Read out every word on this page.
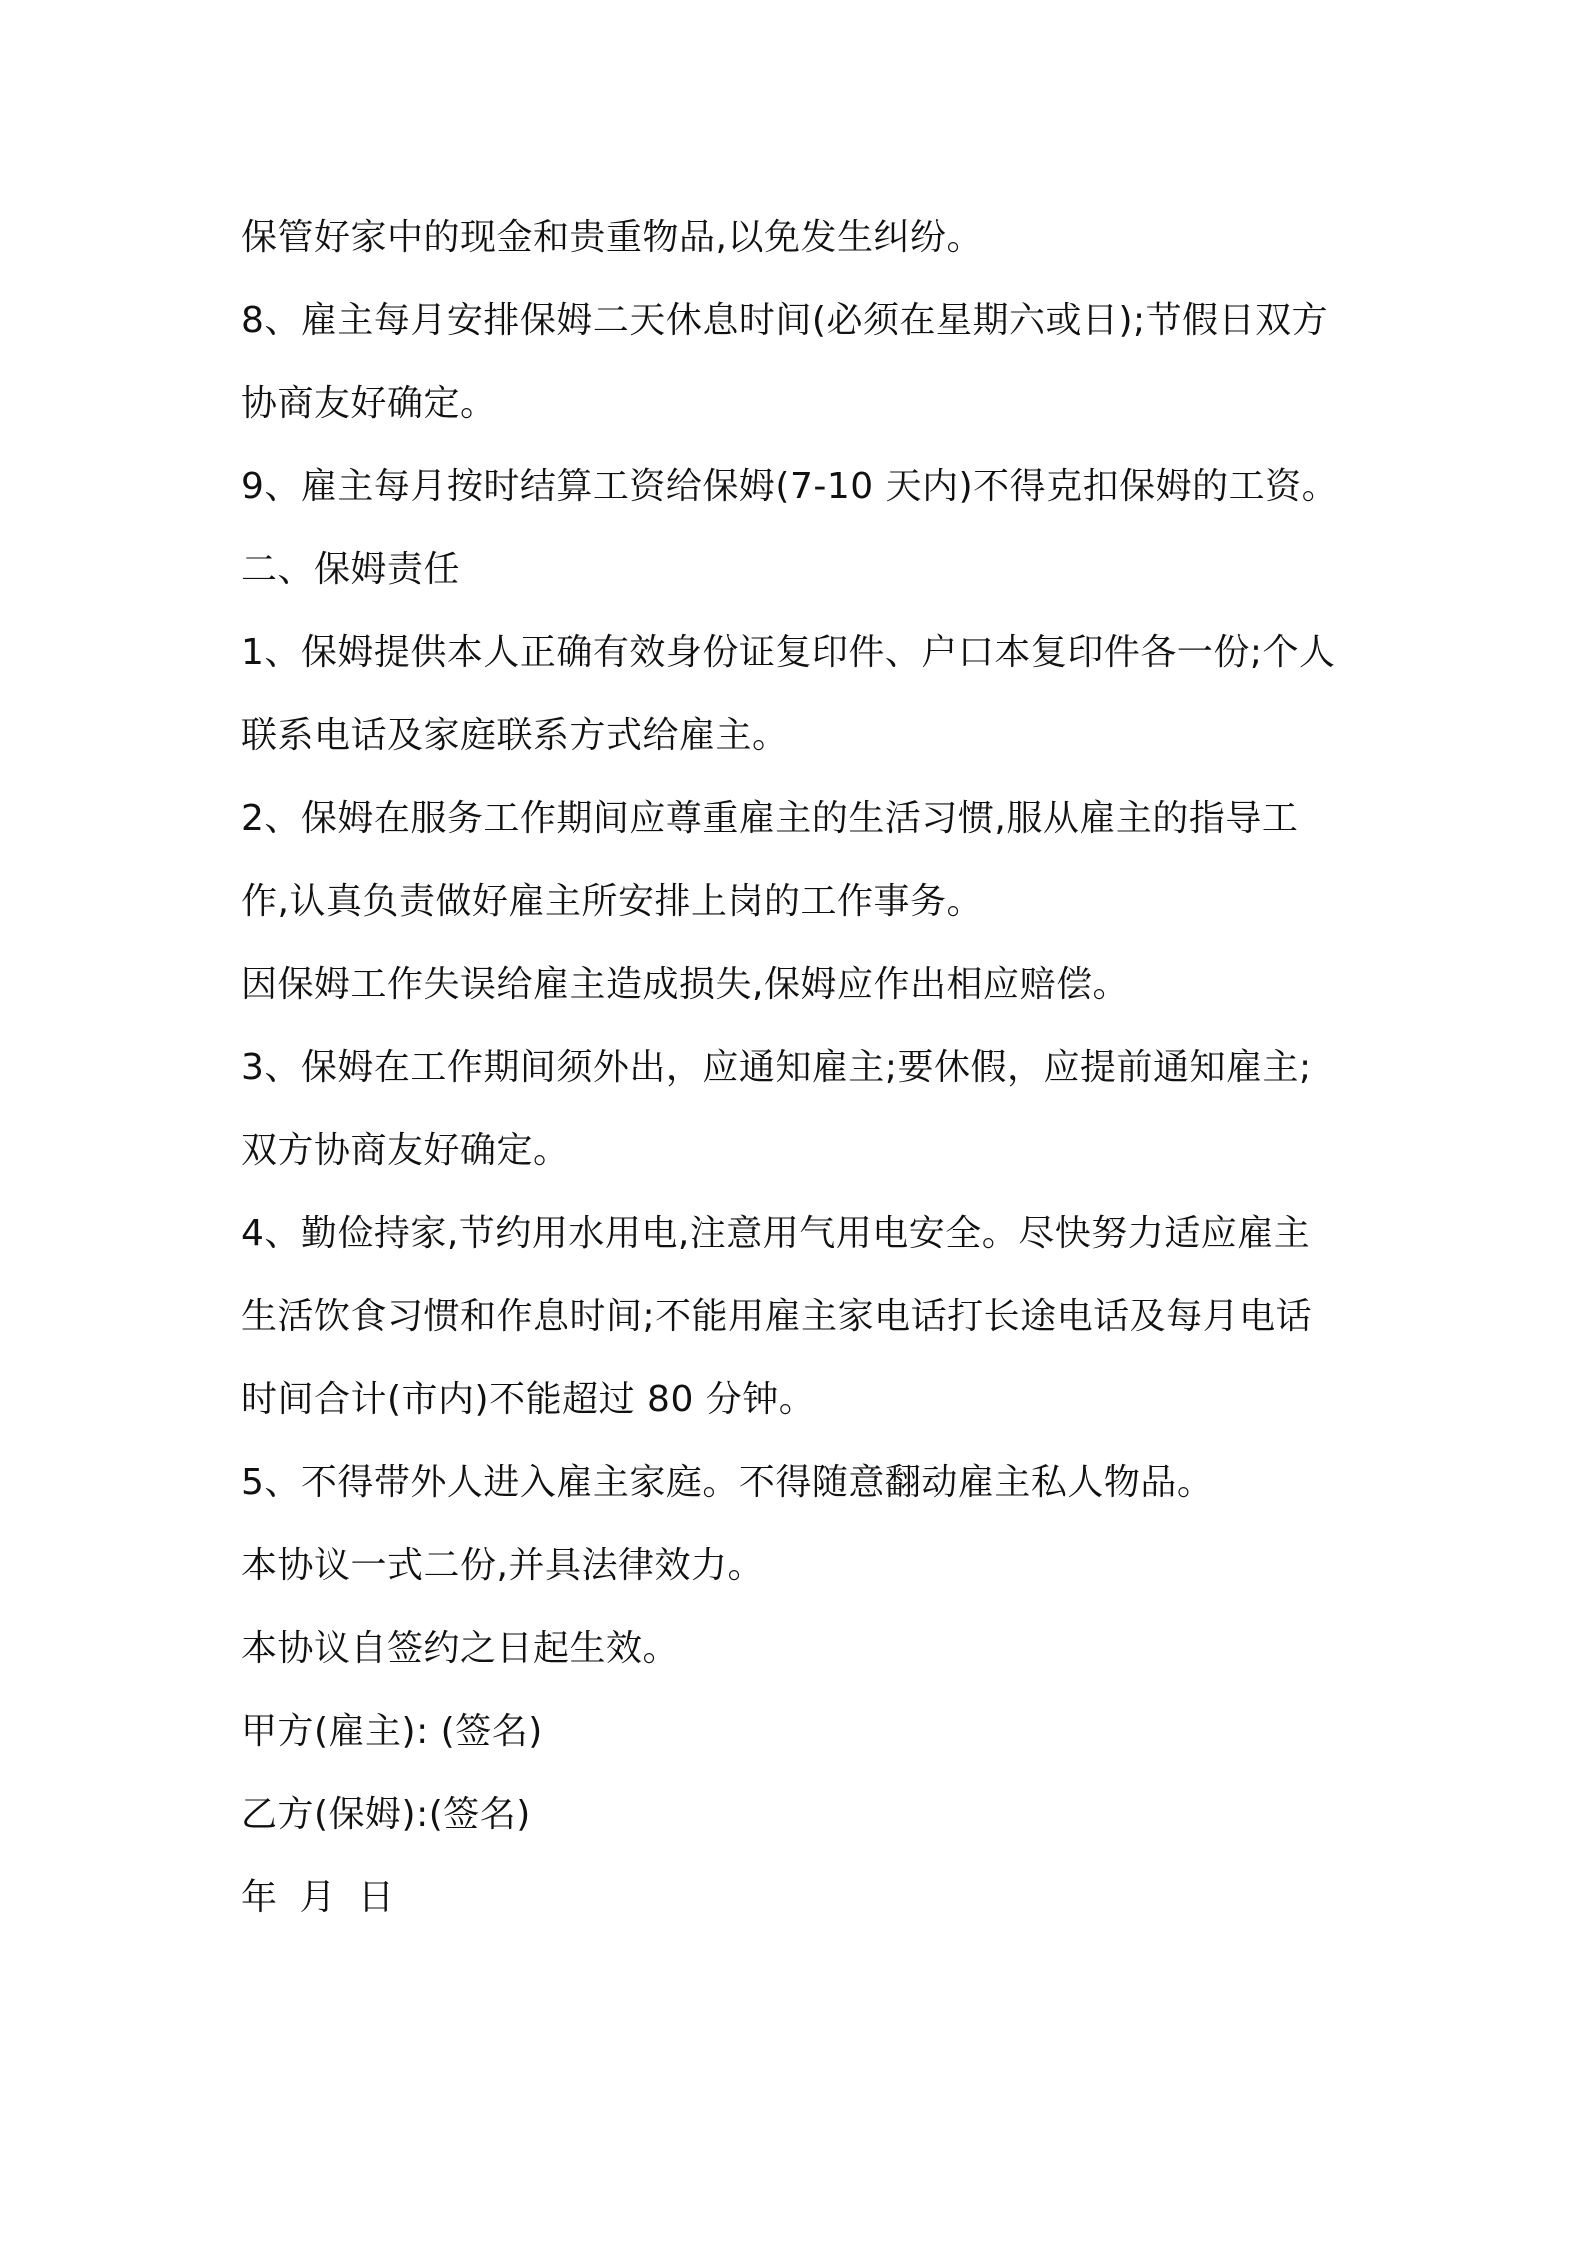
保管好家中的现金和贵重物品,以免发生纠纷。
8、雇主每月安排保姆二天休息时间(必须在星期六或日);节假日双方
协商友好确定。
9、雇主每月按时结算工资给保姆(7-10 天内)不得克扣保姆的工资。
二、保姆责任
1、保姆提供本人正确有效身份证复印件、户口本复印件各一份;个人
联系电话及家庭联系方式给雇主。
2、保姆在服务工作期间应尊重雇主的生活习惯,服从雇主的指导工
作,认真负责做好雇主所安排上岗的工作事务。
因保姆工作失误给雇主造成损失,保姆应作出相应赔偿。
3、保姆在工作期间须外出，应通知雇主;要休假，应提前通知雇主;
双方协商友好确定。
4、勤俭持家,节约用水用电,注意用气用电安全。尽快努力适应雇主
生活饮食习惯和作息时间;不能用雇主家电话打长途电话及每月电话
时间合计(市内)不能超过 80 分钟。
5、不得带外人进入雇主家庭。不得随意翻动雇主私人物品。
本协议一式二份,并具法律效力。
本协议自签约之日起生效。
甲方(雇主): (签名)
乙方(保姆):(签名)
年 月 日
